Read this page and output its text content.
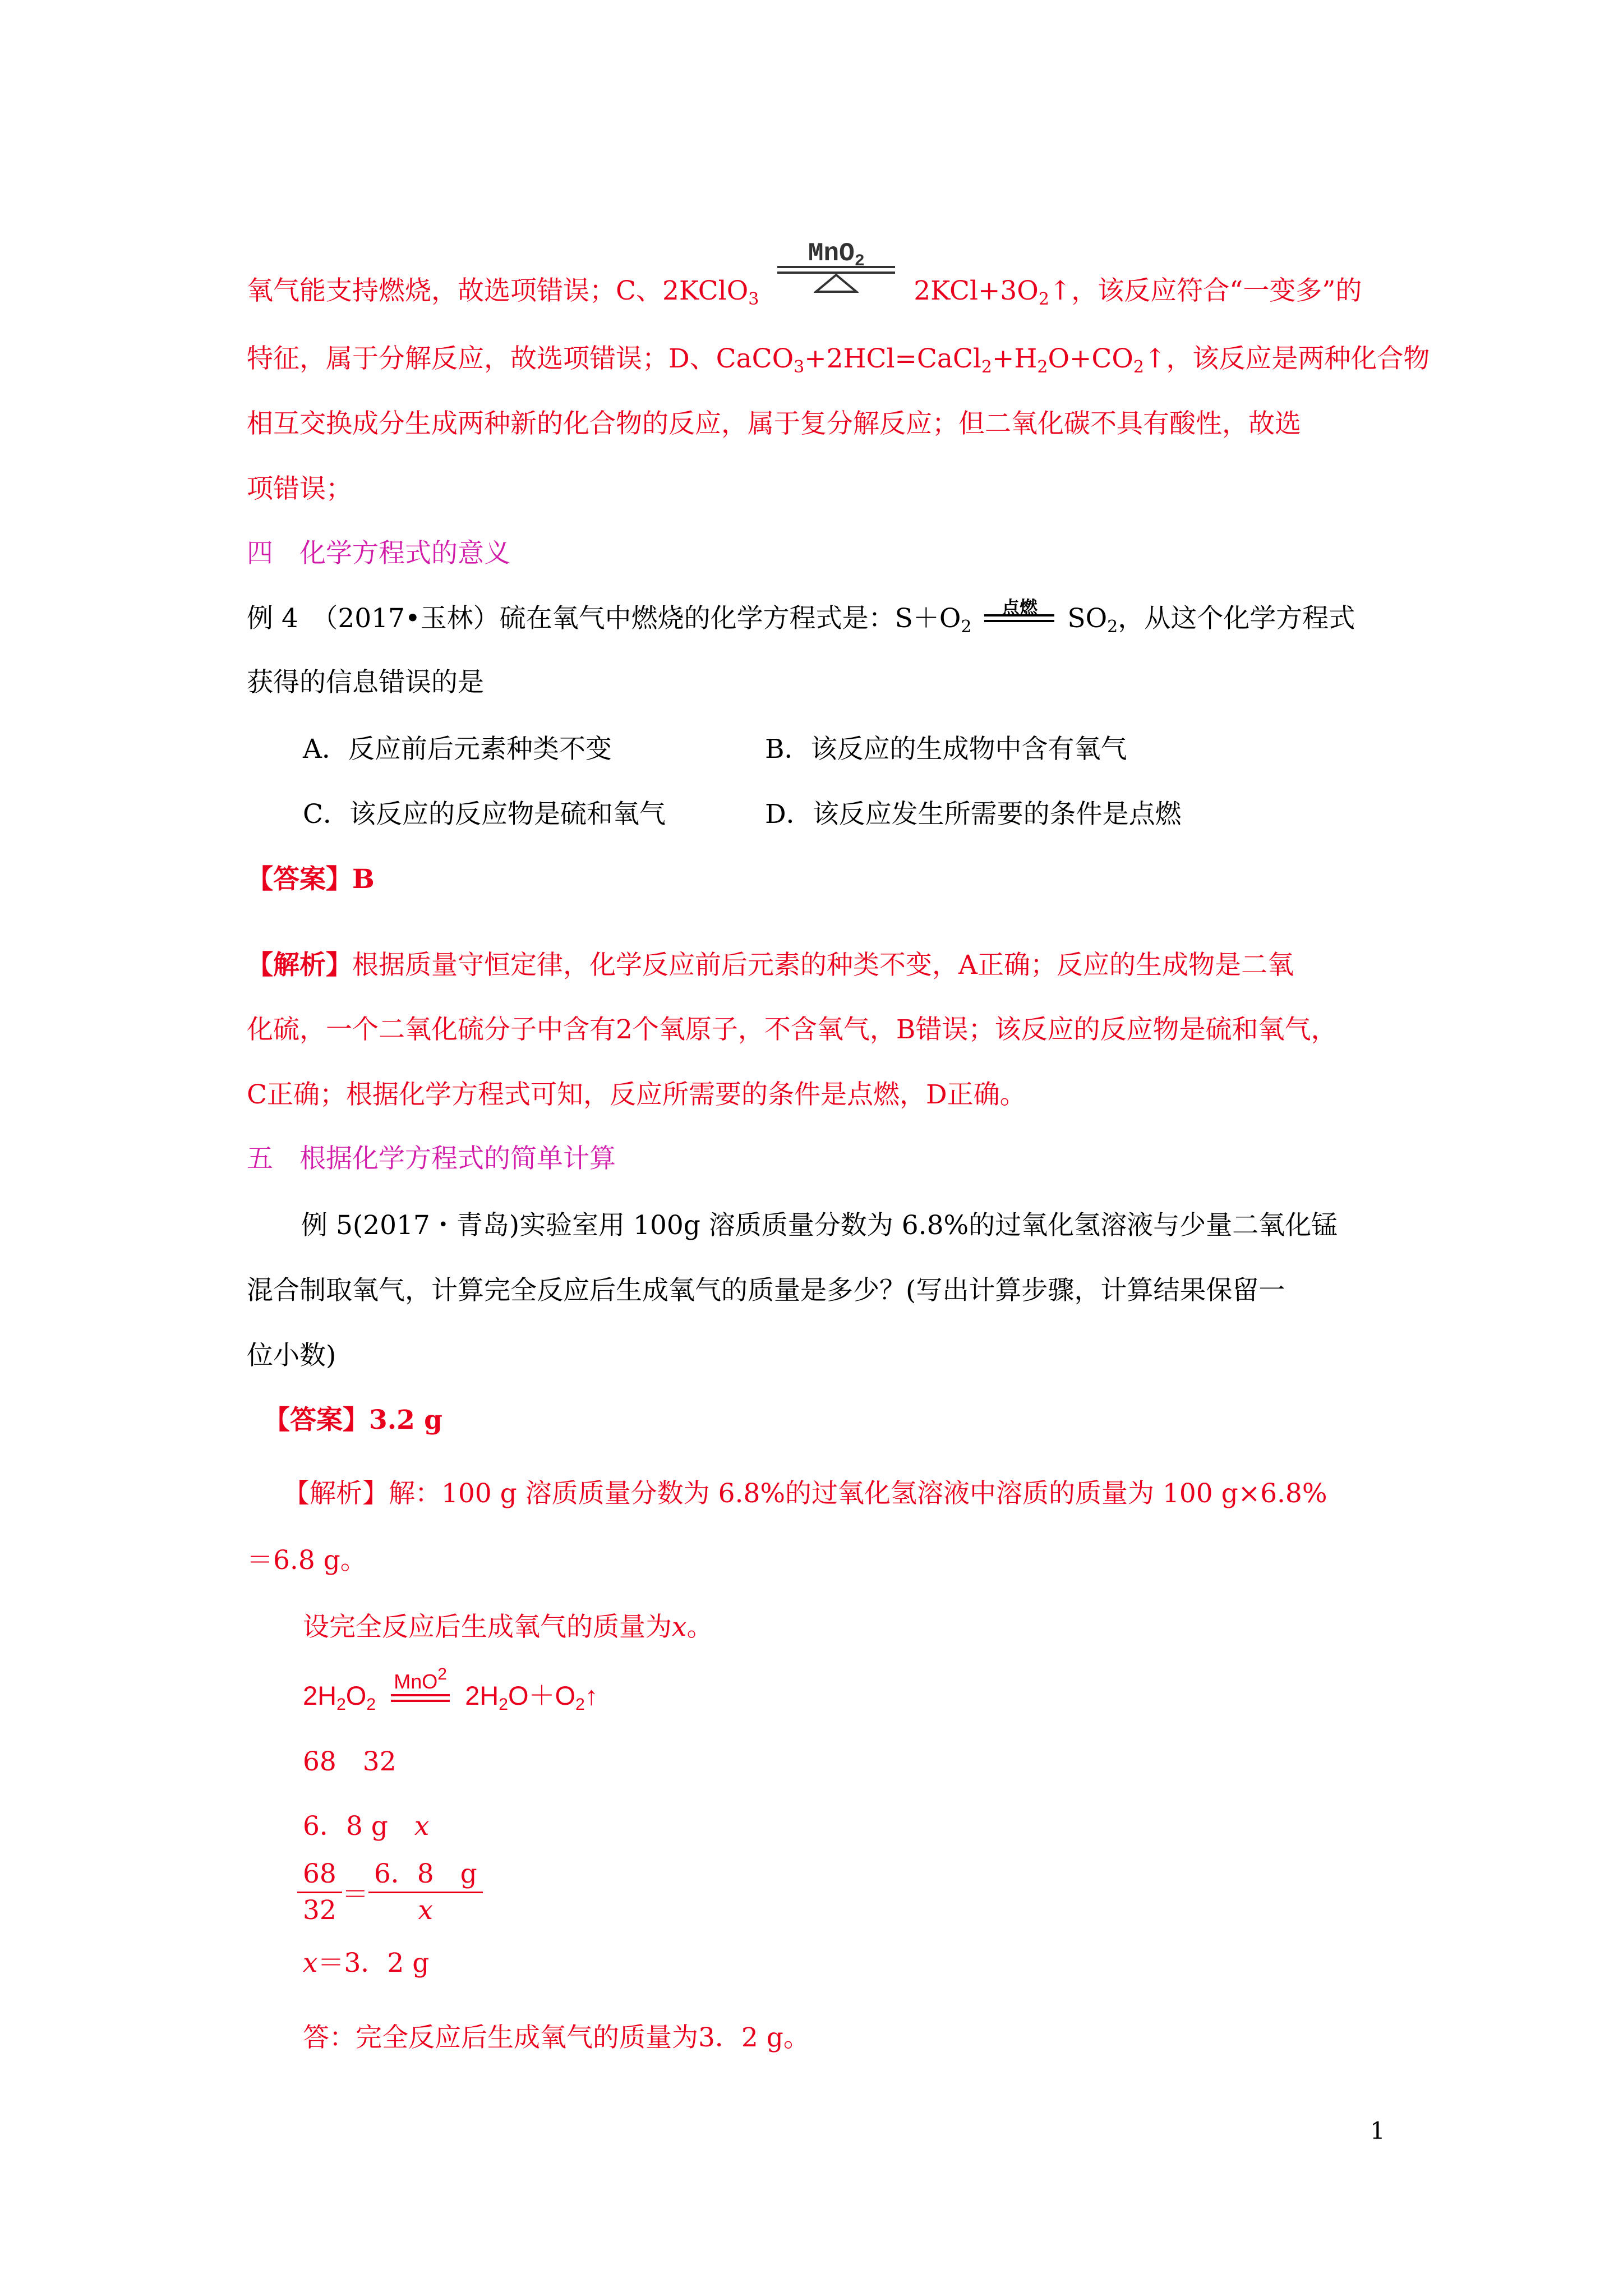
氧气能支持燃烧，故选项错误；C、2KClO$_3$
MnO$_2$
$2KCl+3O_2↑$，该反应符合“一变多”的
特征，属于分解反应，故选项错误；D、$CaCO_3+2HCl=CaCl_2+H_2O+CO_2↑$，该反应是两种化合物
相互交换成分生成两种新的化合物的反应，属于复分解反应；但二氧化碳不具有酸性，故选
项错误；
四　化学方程式的意义
例 4　（2017•玉林）硫在氧气中燃烧的化学方程式是：$S+O_2$
点燃	$SO_2$，从这个化学方程式
获得的信息错误的是
A．反应前后元素种类不变	B．该反应的生成物中含有氧气
C．该反应的反应物是硫和氧气	D．该反应发生所需要的条件是点燃
【答案】B
【解析】根据质量守恒定律，化学反应前后元素的种类不变，A正确；反应的生成物是二氧
化硫，一个二氧化硫分子中含有2个氧原子，不含氧气，B错误；该反应的反应物是硫和氧气，
C正确；根据化学方程式可知，反应所需要的条件是点燃，D正确。
五　根据化学方程式的简单计算
例 5(2017・青岛)实验室用 100g 溶质质量分数为 6.8%的过氧化氢溶液与少量二氧化锰
混合制取氧气，计算完全反应后生成氧气的质量是多少？(写出计算步骤，计算结果保留一
位小数)
【答案】3.2 g
【解析】解：100 g 溶质质量分数为 6.8%的过氧化氢溶液中溶质的质量为 100 g×6.8%
＝6.8 g。
设完全反应后生成氧气的质量为x。
$2H_2O_2$
MnO$^2$
$2H_2O+O_2↑$
68　32
6．8 g　 x
$\frac{68}{32} = \frac{6.8 g}{x}$
x＝3．2 g
答：完全反应后生成氧气的质量为3．2 g。
1
